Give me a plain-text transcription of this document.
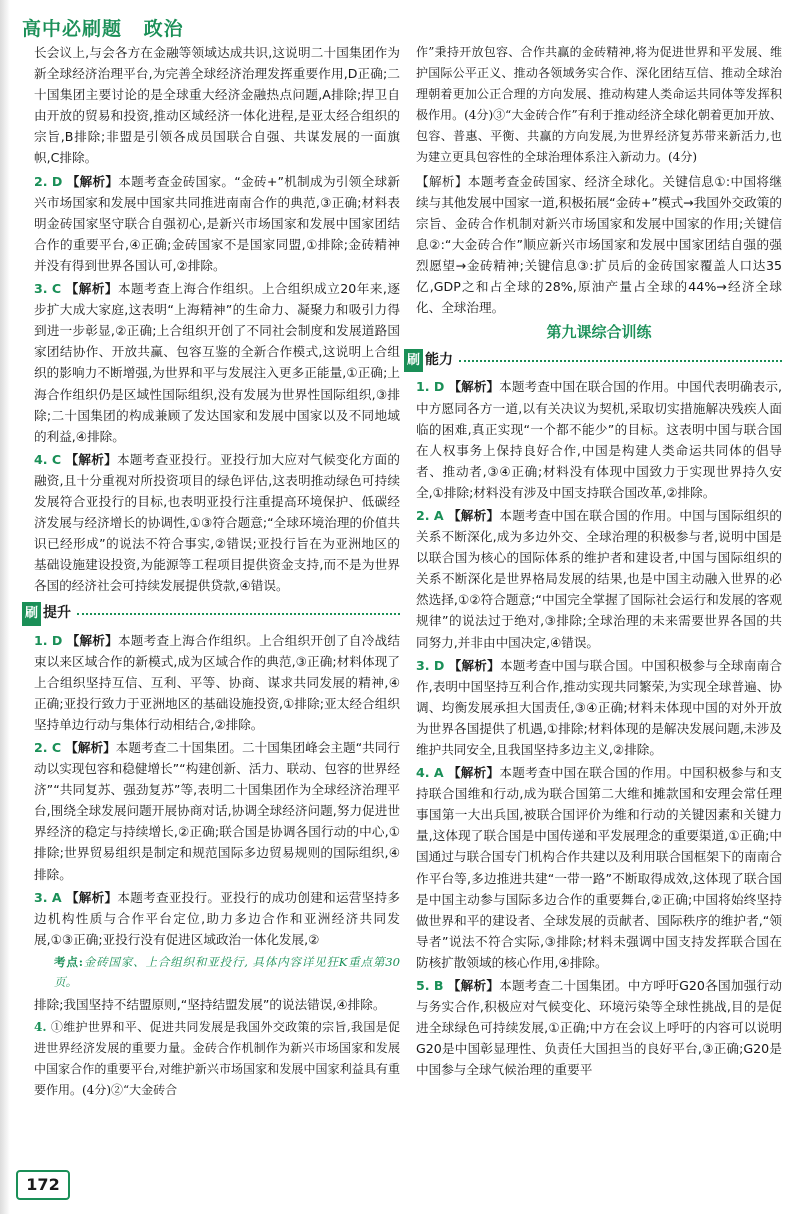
高中必刷题 政治

长会议上,与会各方在金融等领域达成共识,这说明二十国集团作为新全球经济治理平台,为完善全球经济治理发挥重要作用,D正确;二十国集团主要讨论的是全球重大经济金融热点问题,A排除;捍卫自由开放的贸易和投资,推动区域经济一体化进程,是亚太经合组织的宗旨,B排除;非盟是引领各成员国联合自强、共谋发展的一面旗帜,C排除。

2. D 【解析】本题考查金砖国家。“金砖+”机制成为引领全球新兴市场国家和发展中国家共同推进南南合作的典范,③正确;材料表明金砖国家坚守联合自强初心,是新兴市场国家和发展中国家团结合作的重要平台,④正确;金砖国家不是国家同盟,①排除;金砖精神并没有得到世界各国认可,②排除。

3. C 【解析】本题考查上海合作组织。上合组织成立20年来,逐步扩大成大家庭,这表明“上海精神”的生命力、凝聚力和吸引力得到进一步彰显,②正确;上合组织开创了不同社会制度和发展道路国家团结协作、开放共赢、包容互鉴的全新合作模式,这说明上合组织的影响力不断增强,为世界和平与发展注入更多正能量,①正确;上海合作组织仍是区域性国际组织,没有发展为世界性国际组织,③排除;二十国集团的构成兼顾了发达国家和发展中国家以及不同地域的利益,④排除。

4. C 【解析】本题考查亚投行。亚投行加大应对气候变化方面的融资,且十分重视对所投资项目的绿色评估,这表明推动绿色可持续发展符合亚投行的目标,也表明亚投行注重提高环境保护、低碳经济发展与经济增长的协调性,①③符合题意;“全球环境治理的价值共识已经形成”的说法不符合事实,②错误;亚投行旨在为亚洲地区的基础设施建设投资,为能源等工程项目提供资金支持,而不是为世界各国的经济社会可持续发展提供贷款,④错误。

刷 提升

1. D 【解析】本题考查上海合作组织。上合组织开创了自冷战结束以来区域合作的新模式,成为区域合作的典范,③正确;材料体现了上合组织坚持互信、互利、平等、协商、谋求共同发展的精神,④正确;亚投行致力于亚洲地区的基础设施投资,①排除;亚太经合组织坚持单边行动与集体行动相结合,②排除。

2. C 【解析】本题考查二十国集团。二十国集团峰会主题“共同行动以实现包容和稳健增长”“构建创新、活力、联动、包容的世界经济”“共同复苏、强劲复苏”等,表明二十国集团作为全球经济治理平台,围绕全球发展问题开展协商对话,协调全球经济问题,努力促进世界经济的稳定与持续增长,②正确;联合国是协调各国行动的中心,①排除;世界贸易组织是制定和规范国际多边贸易规则的国际组织,④排除。

3. A 【解析】本题考查亚投行。亚投行的成功创建和运营坚持多边机构性质与合作平台定位,助力多边合作和亚洲经济共同发展,①③正确;亚投行没有促进区域政治一体化发展,②

考点:金砖国家、上合组织和亚投行, 具体内容详见狂K重点第30页。

排除;我国坚持不结盟原则,“坚持结盟发展”的说法错误,④排除。

4. ①维护世界和平、促进共同发展是我国外交政策的宗旨,我国是促进世界经济发展的重要力量。金砖合作机制作为新兴市场国家和发展中国家合作的重要平台,对维护新兴市场国家和发展中国家利益具有重要作用。(4分)②“大金砖合

作”秉持开放包容、合作共赢的金砖精神,将为促进世界和平发展、维护国际公平正义、推动各领域务实合作、深化团结互信、推动全球治理朝着更加公正合理的方向发展、推动构建人类命运共同体等发挥积极作用。(4分)③“大金砖合作”有利于推动经济全球化朝着更加开放、包容、普惠、平衡、共赢的方向发展,为世界经济复苏带来新活力,也为建立更具包容性的全球治理体系注入新动力。(4分)

【解析】本题考查金砖国家、经济全球化。关键信息①:中国将继续与其他发展中国家一道,积极拓展“金砖+”模式→我国外交政策的宗旨、金砖合作机制对新兴市场国家和发展中国家的作用;关键信息②:“大金砖合作”顺应新兴市场国家和发展中国家团结自强的强烈愿望→金砖精神;关键信息③:扩员后的金砖国家覆盖人口达35亿,GDP之和占全球的28%,原油产量占全球的44%→经济全球化、全球治理。

第九课综合训练
刷 能力

1. D 【解析】本题考查中国在联合国的作用。中国代表明确表示,中方愿同各方一道,以有关决议为契机,采取切实措施解决残疾人面临的困难,真正实现“一个都不能少”的目标。这表明中国与联合国在人权事务上保持良好合作,中国是构建人类命运共同体的倡导者、推动者,③④正确;材料没有体现中国致力于实现世界持久安全,①排除;材料没有涉及中国支持联合国改革,②排除。

2. A 【解析】本题考查中国在联合国的作用。中国与国际组织的关系不断深化,成为多边外交、全球治理的积极参与者,说明中国是以联合国为核心的国际体系的维护者和建设者,中国与国际组织的关系不断深化是世界格局发展的结果,也是中国主动融入世界的必然选择,①②符合题意;“中国完全掌握了国际社会运行和发展的客观规律”的说法过于绝对,③排除;全球治理的未来需要世界各国的共同努力,并非由中国决定,④错误。

3. D 【解析】本题考查中国与联合国。中国积极参与全球南南合作,表明中国坚持互利合作,推动实现共同繁荣,为实现全球普遍、协调、均衡发展承担大国责任,③④正确;材料未体现中国的对外开放为世界各国提供了机遇,①排除;材料体现的是解决发展问题,未涉及维护共同安全,且我国坚持多边主义,②排除。

4. A 【解析】本题考查中国在联合国的作用。中国积极参与和支持联合国维和行动,成为联合国第二大维和摊款国和安理会常任理事国第一大出兵国,被联合国评价为维和行动的关键因素和关键力量,这体现了联合国是中国传递和平发展理念的重要渠道,①正确;中国通过与联合国专门机构合作共建以及利用联合国框架下的南南合作平台等,多边推进共建“一带一路”不断取得成效,这体现了联合国是中国主动参与国际多边合作的重要舞台,②正确;中国将始终坚持做世界和平的建设者、全球发展的贡献者、国际秩序的维护者,“领导者”说法不符合实际,③排除;材料未强调中国支持发挥联合国在防核扩散领域的核心作用,④排除。

5. B 【解析】本题考查二十国集团。中方呼吁G20各国加强行动与务实合作,积极应对气候变化、环境污染等全球性挑战,目的是促进全球绿色可持续发展,①正确;中方在会议上呼吁的内容可以说明G20是中国彰显理性、负责任大国担当的良好平台,③正确;G20是中国参与全球气候治理的重要平

172
